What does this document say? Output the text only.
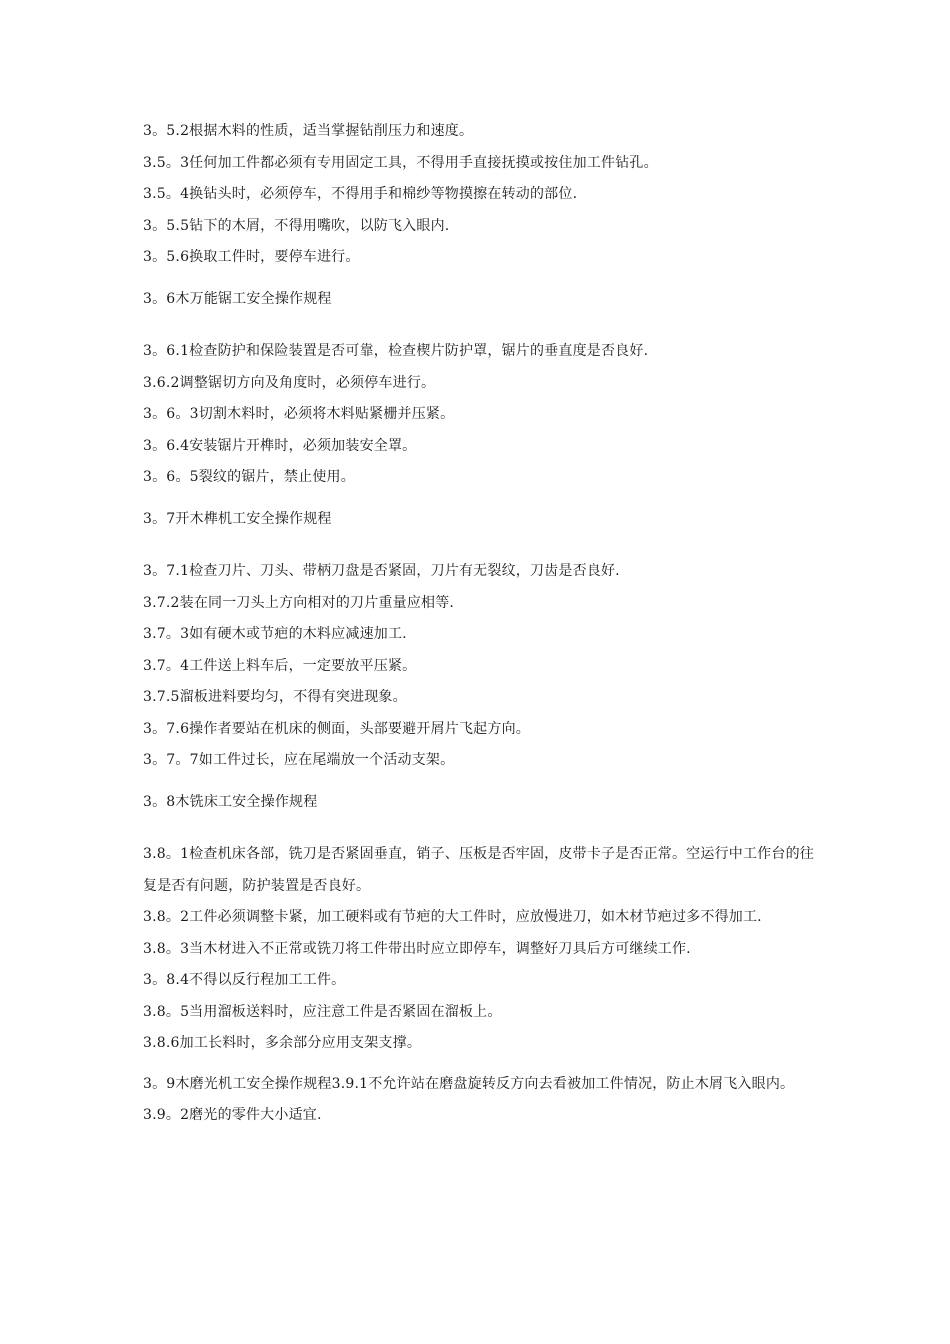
3。5.2根据木料的性质，适当掌握钻削压力和速度。

3.5。3任何加工件都必须有专用固定工具，不得用手直接抚摸或按住加工件钻孔。

3.5。4换钻头时，必须停车，不得用手和棉纱等物摸擦在转动的部位.

3。5.5钻下的木屑，不得用嘴吹，以防飞入眼内.

3。5.6换取工件时，要停车进行。

3。6木万能锯工安全操作规程

3。6.1检查防护和保险装置是否可靠，检查楔片防护罩，锯片的垂直度是否良好.

3.6.2调整锯切方向及角度时，必须停车进行。

3。6。3切割木料时，必须将木料贴紧栅并压紧。

3。6.4安装锯片开榫时，必须加装安全罩。

3。6。5裂纹的锯片，禁止使用。

3。7开木榫机工安全操作规程

3。7.1检查刀片、刀头、带柄刀盘是否紧固，刀片有无裂纹，刀齿是否良好.

3.7.2装在同一刀头上方向相对的刀片重量应相等.

3.7。3如有硬木或节疤的木料应减速加工.

3.7。4工件送上料车后，一定要放平压紧。

3.7.5溜板进料要均匀，不得有突进现象。

3。7.6操作者要站在机床的侧面，头部要避开屑片飞起方向。

3。7。7如工件过长，应在尾端放一个活动支架。

3。8木铣床工安全操作规程

3.8。1检查机床各部，铣刀是否紧固垂直，销子、压板是否牢固，皮带卡子是否正常。空运行中工作台的往复是否有问题，防护装置是否良好。

3.8。2工件必须调整卡紧，加工硬料或有节疤的大工件时，应放慢进刀，如木材节疤过多不得加工.

3.8。3当木材进入不正常或铣刀将工件带出时应立即停车，调整好刀具后方可继续工作.

3。8.4不得以反行程加工工件。

3.8。5当用溜板送料时，应注意工件是否紧固在溜板上。

3.8.6加工长料时，多余部分应用支架支撑。

3。9木磨光机工安全操作规程3.9.1不允许站在磨盘旋转反方向去看被加工件情况，防止木屑飞入眼内。

3.9。2磨光的零件大小适宜.
